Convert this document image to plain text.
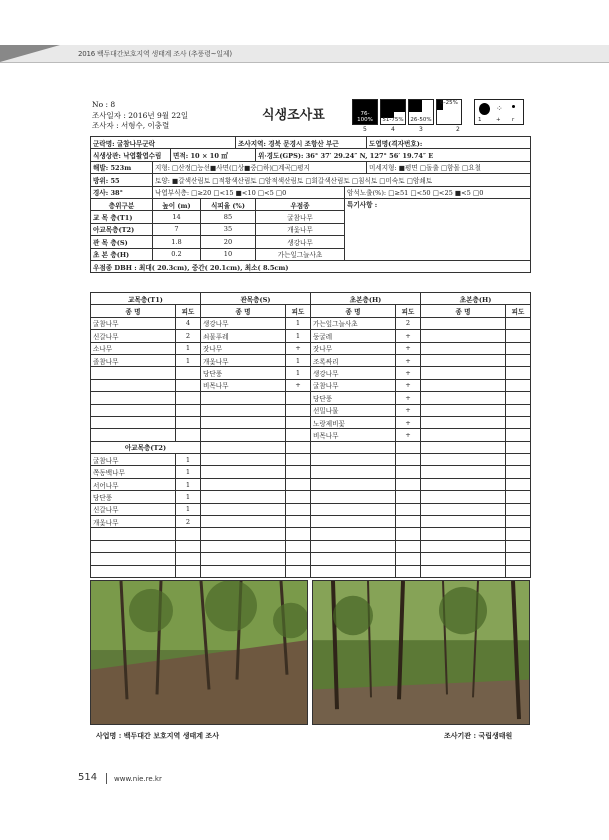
2016 백두대간보호지역 생태계 조사 (추풍령~일제)
No : 8
조사일자 : 2016년 9월 22일
조사자 : 서형수, 이충렬
식생조사표	76-100%	51-75% 26-50%
6-25%
⁘
1	+ r
5	4	3	2
군락명: 굴참나무군락				조사지역: 경북 문경시 조항산 부근			도엽명(격자번호):
식생상관: 낙엽활엽수림		면적: 10 × 10 ㎡			위·경도(GPS): 36° 37′ 29.24″ N, 127° 56′ 19.74″ E		
해발: 523m	지형: □산정□능선■사면(□상■중□하)□계곡□평지						미세지형: ■평면 □돌출 □함몰 □요철
방위: 55	토양: ■갈색산림토 □적황색산림토 □암적색산림토 □회갈색산림토 □침식토 □미숙토 □암쇄토						
경사: 38°	낙엽부식층: □≥20 □<15 ■<10 □<5 □0					암석노출(%): □≥51 □<50 □<25 ■<5 □0	
층위구분	높이 (m)		식피율 (%)		우점종	특기사항 :	
교 목 층(T1)	14		85		굴참나무		
아교목층(T2)	7		35		개옻나무		
관 목 층(S)	1.8		20		생강나무		
초 본 층(H)	0.2		10		가는잎그늘사초		
우점종 DBH : 최대( 20.3cm), 중간( 20.1cm), 최소( 8.5cm)							
교목층(T1)		관목층(S)		초본층(H)		초본층(H)	
종 명	피도	종 명	피도	종 명	피도	종 명	피도
굴참나무	4	생강나무	1	가는잎그늘사초	2		
신갈나무	2	쇠물푸레	1	둥굴레	+		
소나무	1	잣나무	+	잣나무	+		
졸참나무	1	개옻나무	1	조록싸리	+		
		당단풍	1	생강나무	+		
		비목나무	+	굴참나무	+		
				당단풍	+		
				선밀나물	+		
				노랑제비꽃	+		
				비목나무	+		
아교목층(T2)							
굴참나무	1						
쪽동백나무	1						
서어나무	1						
당단풍	1						
신갈나무	1						
개옻나무	2						

사업명 : 백두대간 보호지역 생태계 조사	조사기관 : 국립생태원
514 www.nie.re.kr
